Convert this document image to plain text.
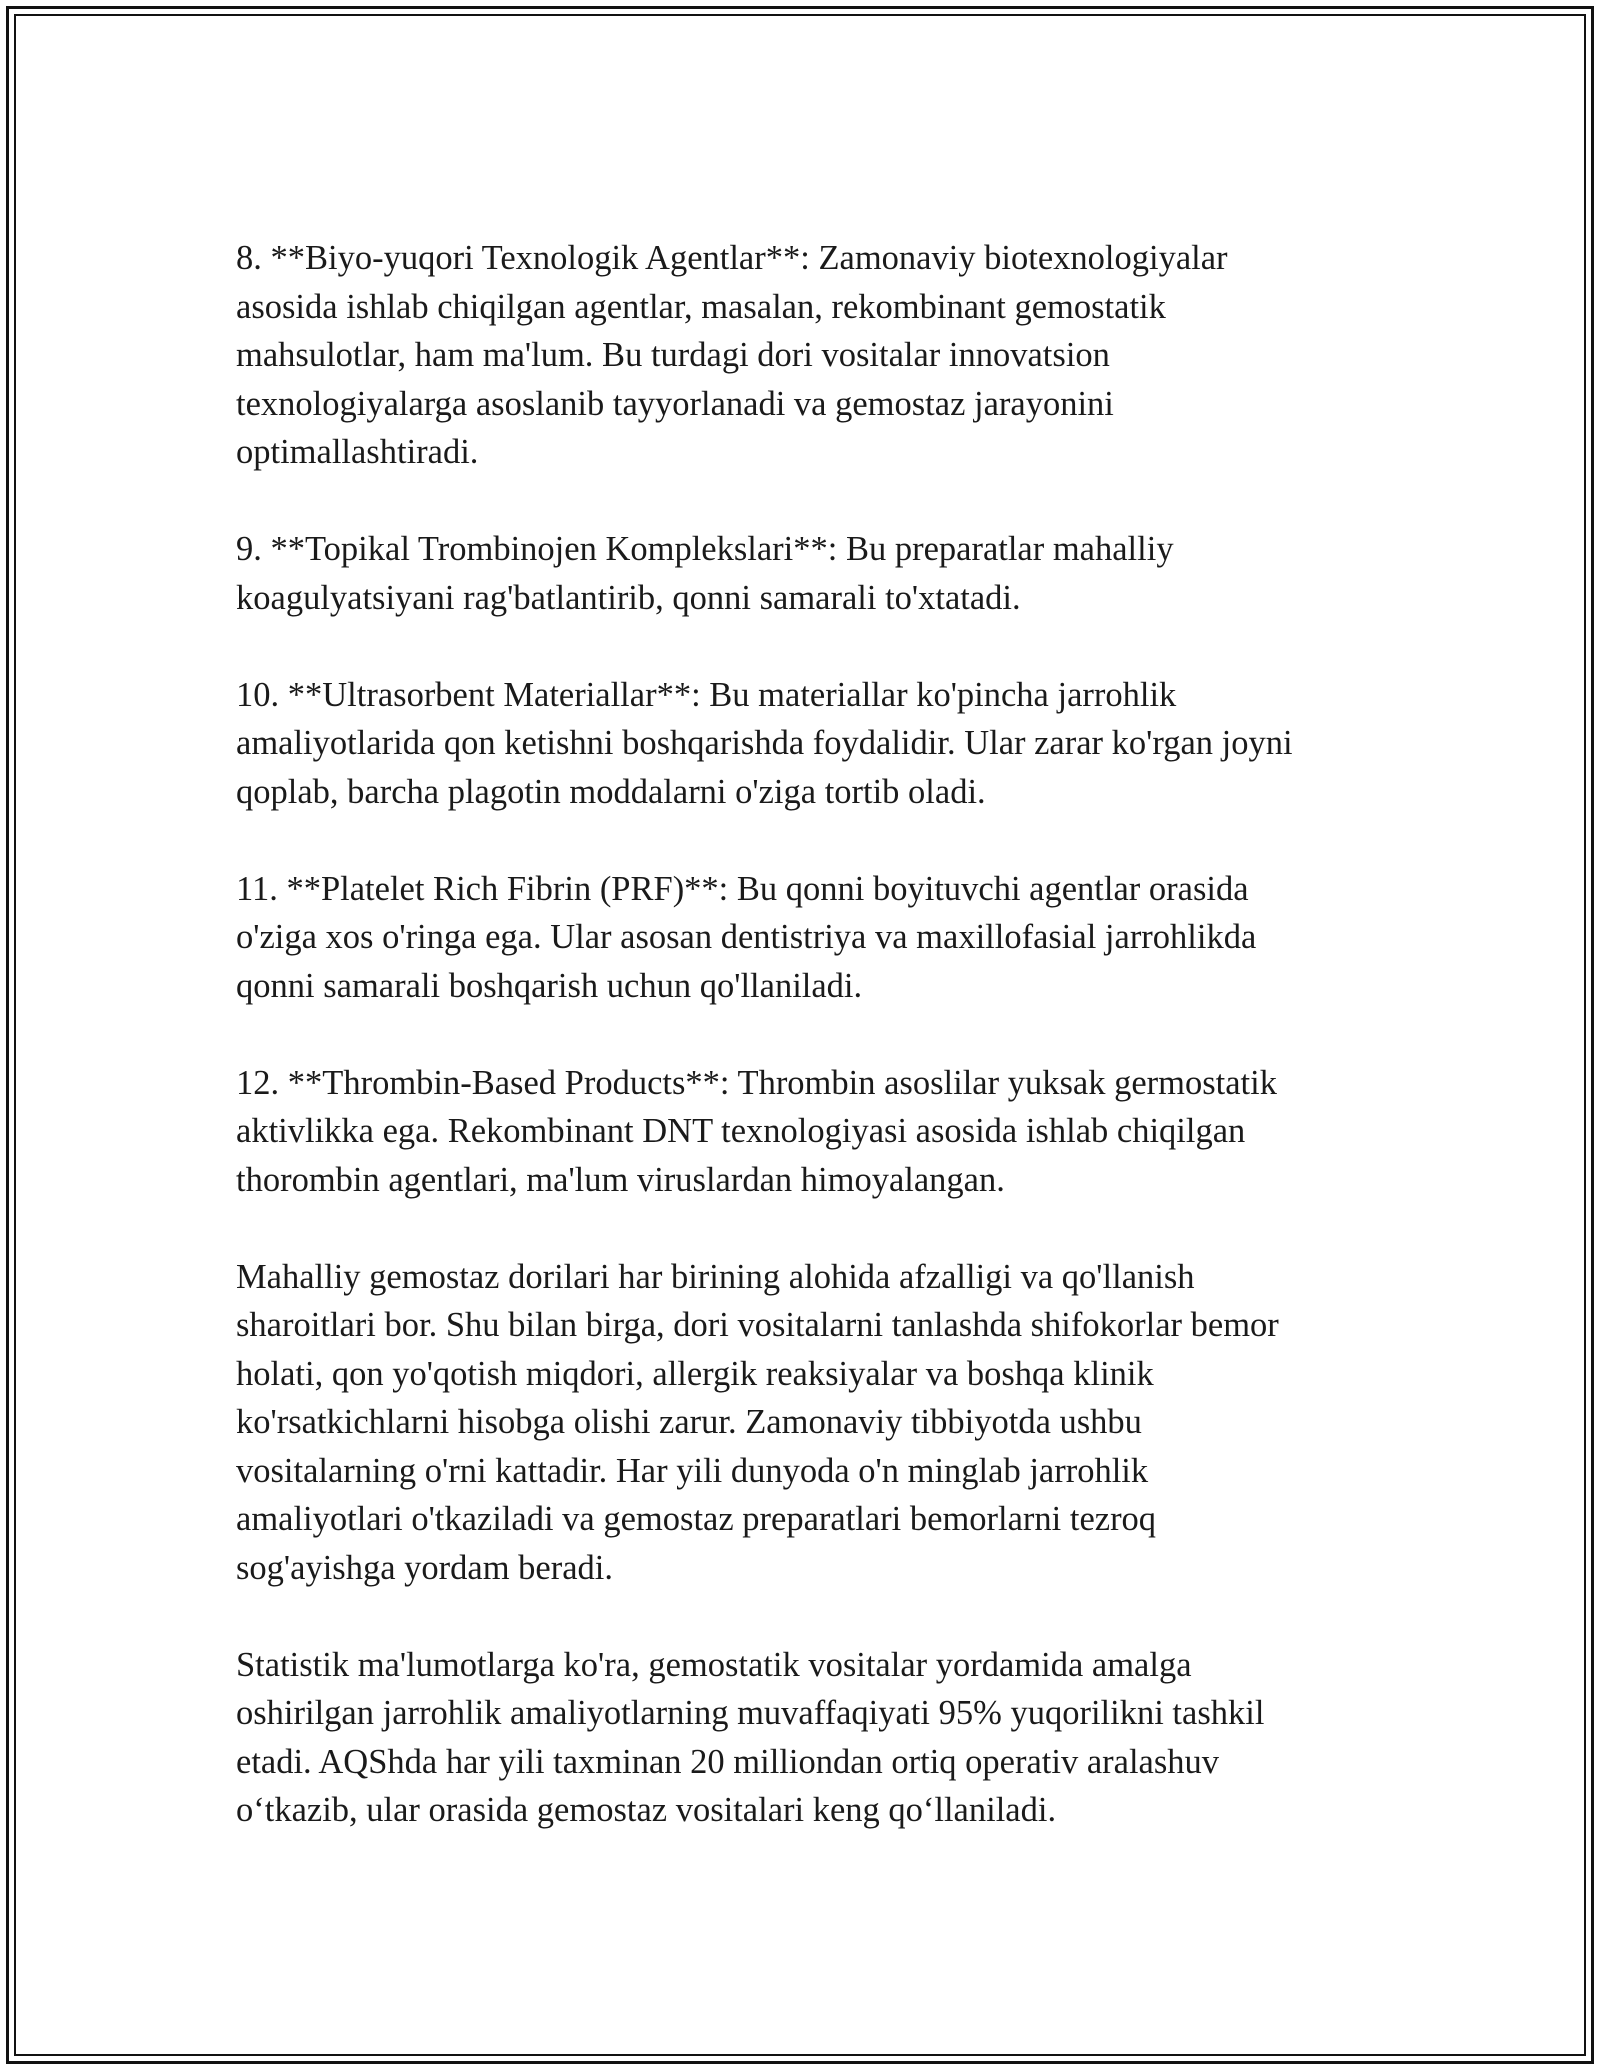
8. **Biyo-yuqori Texnologik Agentlar**: Zamonaviy biotexnologiyalar
asosida ishlab chiqilgan agentlar, masalan, rekombinant gemostatik
mahsulotlar, ham ma'lum. Bu turdagi dori vositalar innovatsion
texnologiyalarga asoslanib tayyorlanadi va gemostaz jarayonini
optimallashtiradi.

9. **Topikal Trombinojen Komplekslari**: Bu preparatlar mahalliy
koagulyatsiyani rag'batlantirib, qonni samarali to'xtatadi.

10. **Ultrasorbent Materiallar**: Bu materiallar ko'pincha jarrohlik
amaliyotlarida qon ketishni boshqarishda foydalidir. Ular zarar ko'rgan joyni
qoplab, barcha plagotin moddalarni o'ziga tortib oladi.

11. **Platelet Rich Fibrin (PRF)**: Bu qonni boyituvchi agentlar orasida
o'ziga xos o'ringa ega. Ular asosan dentistriya va maxillofasial jarrohlikda
qonni samarali boshqarish uchun qo'llaniladi.

12. **Thrombin-Based Products**: Thrombin asoslilar yuksak germostatik
aktivlikka ega. Rekombinant DNT texnologiyasi asosida ishlab chiqilgan
thorombin agentlari, ma'lum viruslardan himoyalangan.

Mahalliy gemostaz dorilari har birining alohida afzalligi va qo'llanish
sharoitlari bor. Shu bilan birga, dori vositalarni tanlashda shifokorlar bemor
holati, qon yo'qotish miqdori, allergik reaksiyalar va boshqa klinik
ko'rsatkichlarni hisobga olishi zarur. Zamonaviy tibbiyotda ushbu
vositalarning o'rni kattadir. Har yili dunyoda o'n minglab jarrohlik
amaliyotlari o'tkaziladi va gemostaz preparatlari bemorlarni tezroq
sog'ayishga yordam beradi.

Statistik ma'lumotlarga ko'ra, gemostatik vositalar yordamida amalga
oshirilgan jarrohlik amaliyotlarning muvaffaqiyati 95% yuqorilikni tashkil
etadi. AQShda har yili taxminan 20 milliondan ortiq operativ aralashuv
o‘tkazib, ular orasida gemostaz vositalari keng qo‘llaniladi.
